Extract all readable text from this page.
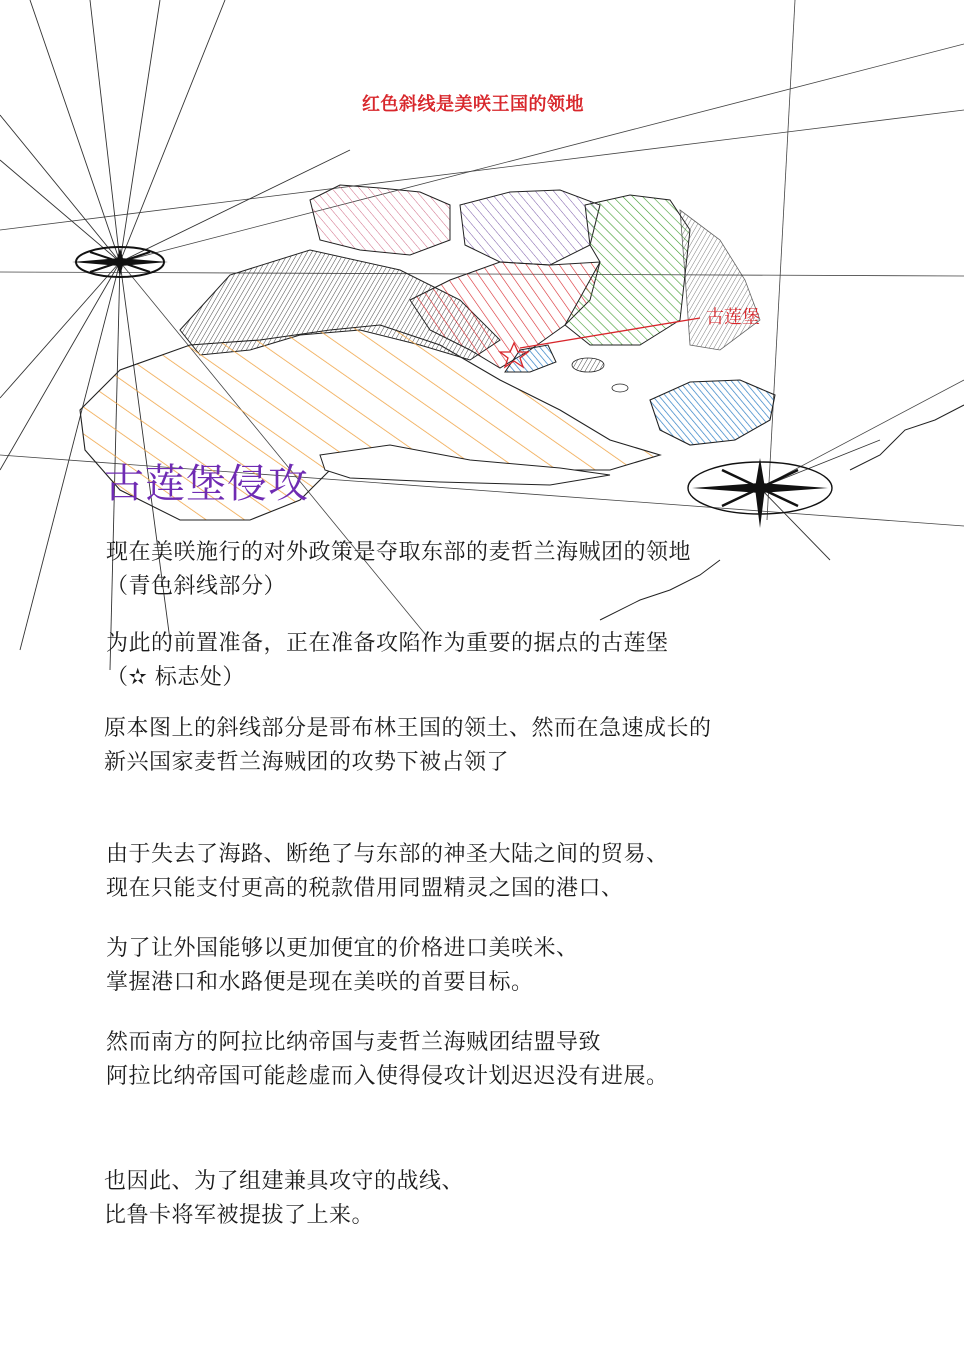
红色斜线是美咲王国的领地
古莲堡
古莲堡侵攻
现在美咲施行的对外政策是夺取东部的麦哲兰海贼团的领地
（青色斜线部分）
为此的前置准备，正在准备攻陷作为重要的据点的古莲堡
（✫ 标志处）
原本图上的斜线部分是哥布林王国的领土、然而在急速成长的
新兴国家麦哲兰海贼团的攻势下被占领了
由于失去了海路、断绝了与东部的神圣大陆之间的贸易、
现在只能支付更高的税款借用同盟精灵之国的港口、
为了让外国能够以更加便宜的价格进口美咲米、
掌握港口和水路便是现在美咲的首要目标。
然而南方的阿拉比纳帝国与麦哲兰海贼团结盟导致
阿拉比纳帝国可能趁虚而入使得侵攻计划迟迟没有进展。
也因此、为了组建兼具攻守的战线、
比鲁卡将军被提拔了上来。
